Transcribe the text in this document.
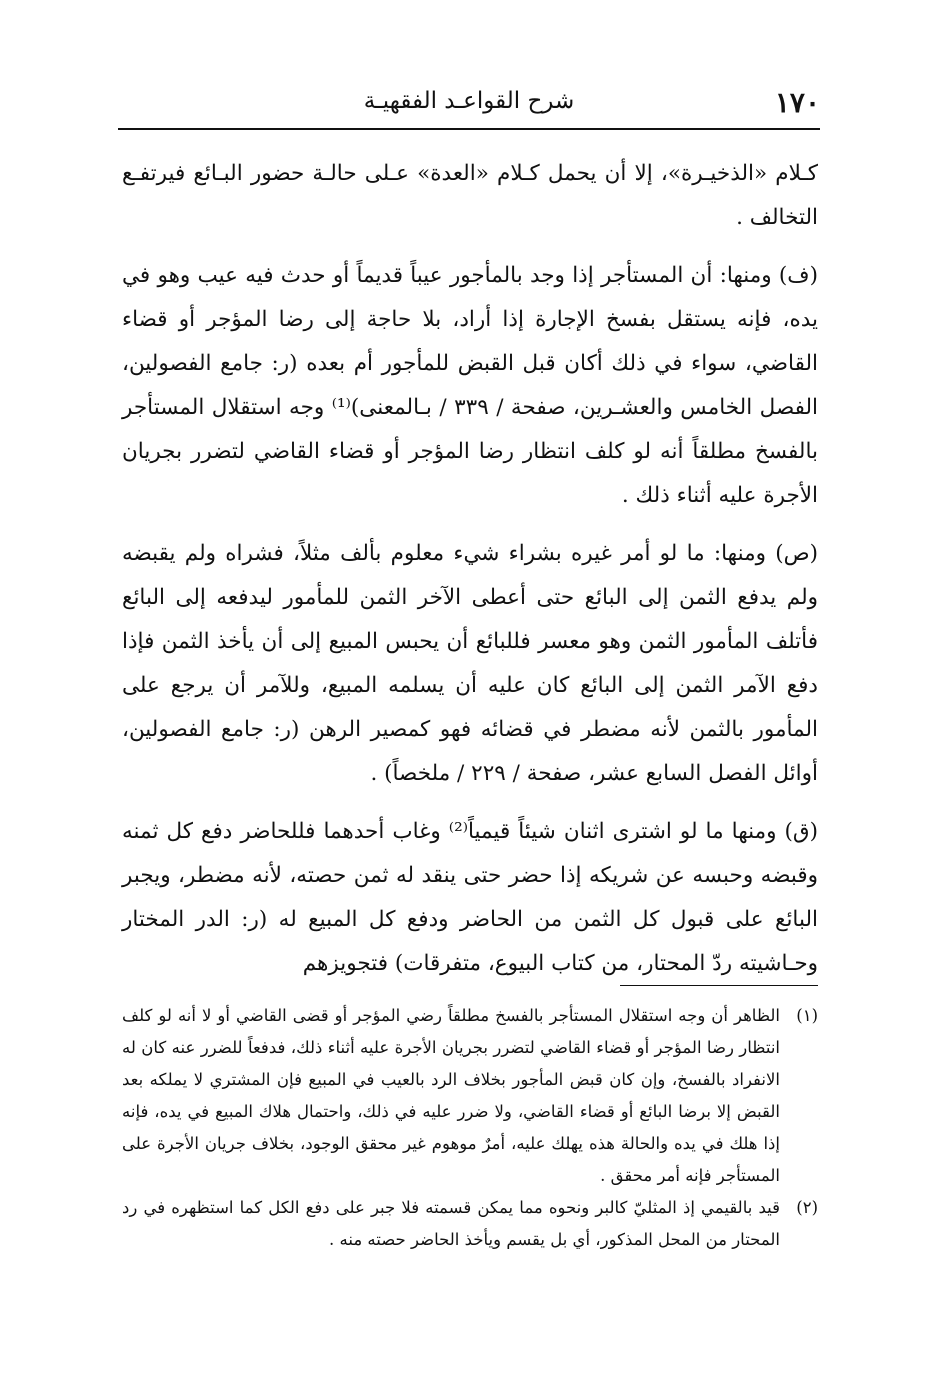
١٧٠
شرح القواعـد الفقهيـة

كـلام «الذخيـرة»، إلا أن يحمل كـلام «العدة» عـلى حالـة حضور البـائع فيرتفـع التخالف .

(ف) ومنها: أن المستأجر إذا وجد بالمأجور عيباً قديماً أو حدث فيه عيب وهو في يده، فإنه يستقل بفسخ الإجارة إذا أراد، بلا حاجة إلى رضا المؤجر أو قضاء القاضي، سواء في ذلك أكان قبل القبض للمأجور أم بعده (ر: جامع الفصولين، الفصل الخامس والعشـرين، صفحة / ٣٣٩ / بـالمعنى)⁽¹⁾ وجه استقلال المستأجر بالفسخ مطلقاً أنه لو كلف انتظار رضا المؤجر أو قضاء القاضي لتضرر بجريان الأجرة عليه أثناء ذلك .

(ص) ومنها: ما لو أمر غيره بشراء شيء معلوم بألف مثلاً، فشراه ولم يقبضه ولم يدفع الثمن إلى البائع حتى أعطى الآخر الثمن للمأمور ليدفعه إلى البائع فأتلف المأمور الثمن وهو معسر فللبائع أن يحبس المبيع إلى أن يأخذ الثمن فإذا دفع الآمر الثمن إلى البائع كان عليه أن يسلمه المبيع، وللآمر أن يرجع على المأمور بالثمن لأنه مضطر في قضائه فهو كمصير الرهن (ر: جامع الفصولين، أوائل الفصل السابع عشر، صفحة / ٢٢٩ / ملخصاً) .

(ق) ومنها ما لو اشترى اثنان شيئاً قيمياً⁽²⁾ وغاب أحدهما فللحاضر دفع كل ثمنه وقبضه وحبسه عن شريكه إذا حضر حتى ينقد له ثمن حصته، لأنه مضطر، ويجبر البائع على قبول كل الثمن من الحاضر ودفع كل المبيع له (ر: الدر المختار وحـاشيته ردّ المحتار، من كتاب البيوع، متفرقات) فتجويزهم

(١)
الظاهر أن وجه استقلال المستأجر بالفسخ مطلقاً رضي المؤجر أو قضى القاضي أو لا أنه لو كلف انتظار رضا المؤجر أو قضاء القاضي لتضرر بجريان الأجرة عليه أثناء ذلك، فدفعاً للضرر عنه كان له الانفراد بالفسخ، وإن كان قبض المأجور بخلاف الرد بالعيب في المبيع فإن المشتري لا يملكه بعد القبض إلا برضا البائع أو قضاء القاضي، ولا ضرر عليه في ذلك، واحتمال هلاك المبيع في يده، فإنه إذا هلك في يده والحالة هذه يهلك عليه، أمرٌ موهوم غير محقق الوجود، بخلاف جريان الأجرة على المستأجر فإنه أمر محقق .
(٢)
قيد بالقيمي إذ المثليّ كالبر ونحوه مما يمكن قسمته فلا جبر على دفع الكل كما استظهره في رد المحتار من المحل المذكور، أي بل يقسم ويأخذ الحاضر حصته منه .
